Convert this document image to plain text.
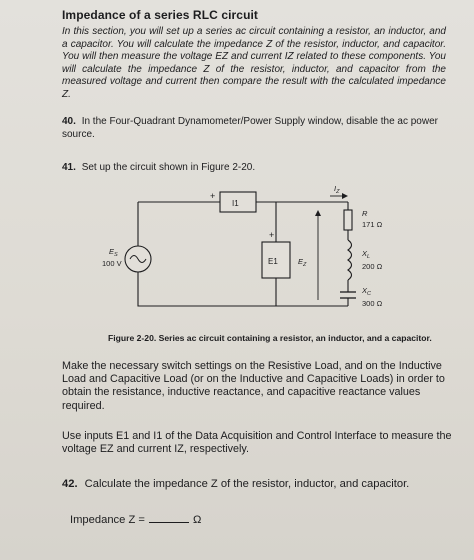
Impedance of a series RLC circuit
In this section, you will set up a series ac circuit containing a resistor, an inductor, and a capacitor. You will calculate the impedance Z of the resistor, inductor, and capacitor. You will then measure the voltage EZ and current IZ related to these components. You will calculate the impedance Z of the resistor, inductor, and capacitor from the measured voltage and current then compare the result with the calculated impedance Z.
40. In the Four-Quadrant Dynamometer/Power Supply window, disable the ac power source.
41. Set up the circuit shown in Figure 2-20.
I1
+
$E_S$
100 V	E1
+
$E_Z$
$I_Z$
R
171 Ω
$X_L$
200 Ω
$X_C$
300 Ω
Figure 2-20. Series ac circuit containing a resistor, an inductor, and a capacitor.
Make the necessary switch settings on the Resistive Load, and on the Inductive Load and Capacitive Load (or on the Inductive and Capacitive Loads) in order to obtain the resistance, inductive reactance, and capacitive reactance values required.
Use inputs E1 and I1 of the Data Acquisition and Control Interface to measure the voltage EZ and current IZ, respectively.
42. Calculate the impedance Z of the resistor, inductor, and capacitor.
Impedance Z =	Ω
